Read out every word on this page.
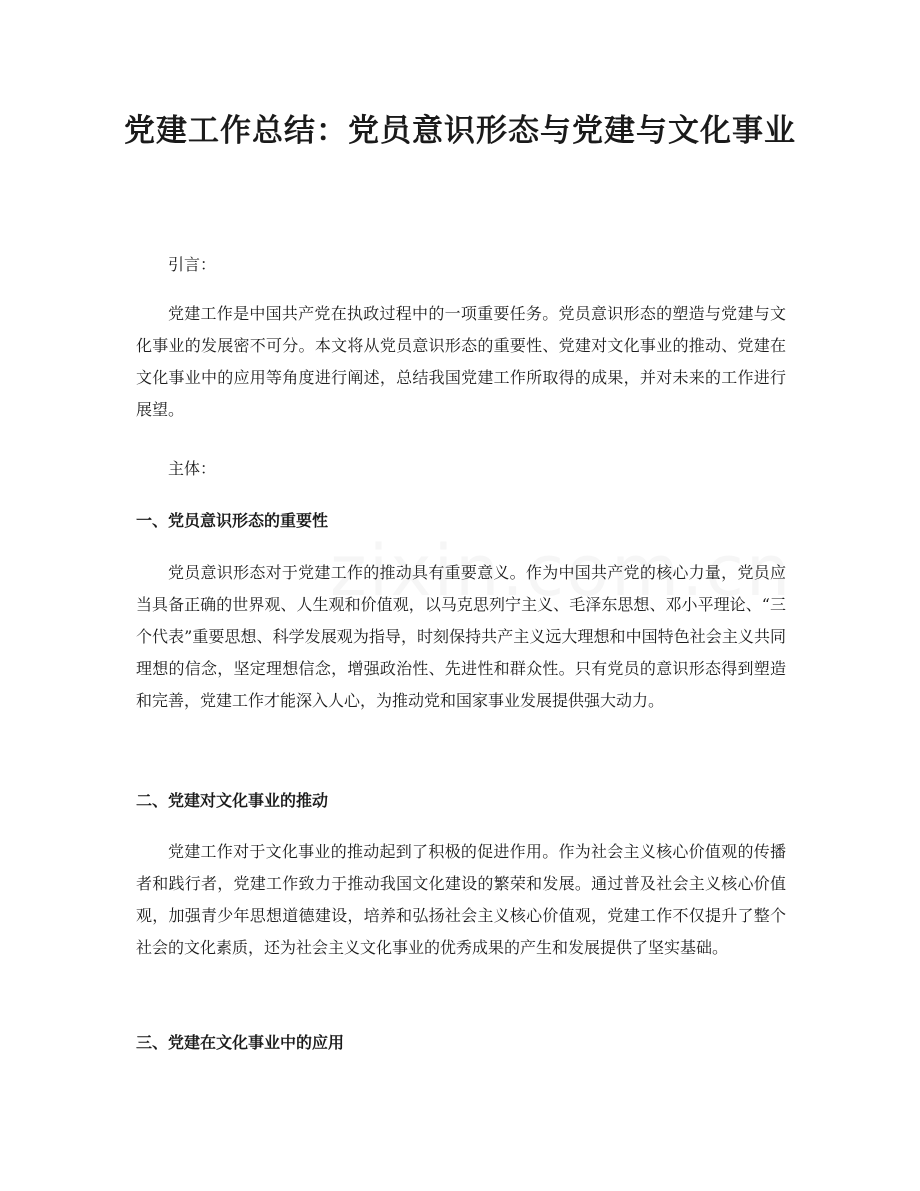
党建工作总结：党员意识形态与党建与文化事业

引言：

党建工作是中国共产党在执政过程中的一项重要任务。党员意识形态的塑造与党建与文化事业的发展密不可分。本文将从党员意识形态的重要性、党建对文化事业的推动、党建在文化事业中的应用等角度进行阐述，总结我国党建工作所取得的成果，并对未来的工作进行展望。

主体：

一、党员意识形态的重要性

党员意识形态对于党建工作的推动具有重要意义。作为中国共产党的核心力量，党员应当具备正确的世界观、人生观和价值观，以马克思列宁主义、毛泽东思想、邓小平理论、“三个代表”重要思想、科学发展观为指导，时刻保持共产主义远大理想和中国特色社会主义共同理想的信念，坚定理想信念，增强政治性、先进性和群众性。只有党员的意识形态得到塑造和完善，党建工作才能深入人心，为推动党和国家事业发展提供强大动力。

二、党建对文化事业的推动

党建工作对于文化事业的推动起到了积极的促进作用。作为社会主义核心价值观的传播者和践行者，党建工作致力于推动我国文化建设的繁荣和发展。通过普及社会主义核心价值观，加强青少年思想道德建设，培养和弘扬社会主义核心价值观，党建工作不仅提升了整个社会的文化素质，还为社会主义文化事业的优秀成果的产生和发展提供了坚实基础。

三、党建在文化事业中的应用
